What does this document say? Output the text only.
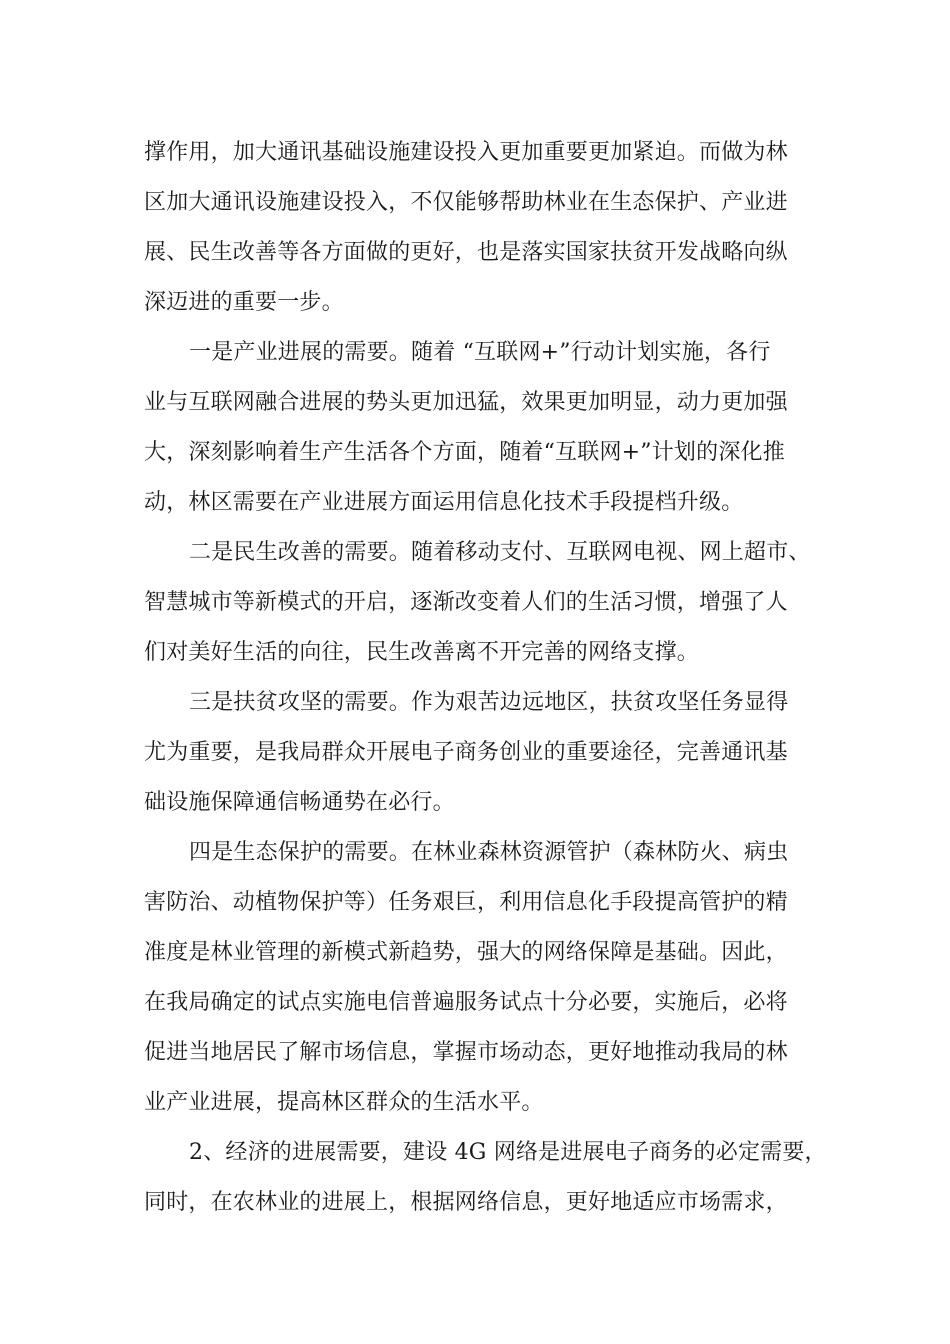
撑作用，加大通讯基础设施建设投入更加重要更加紧迫。而做为林
区加大通讯设施建设投入，不仅能够帮助林业在生态保护、产业进
展、民生改善等各方面做的更好，也是落实国家扶贫开发战略向纵
深迈进的重要一步。
一是产业进展的需要。随着 “互联网+”行动计划实施，各行
业与互联网融合进展的势头更加迅猛，效果更加明显，动力更加强
大，深刻影响着生产生活各个方面，随着“互联网+”计划的深化推
动，林区需要在产业进展方面运用信息化技术手段提档升级。
二是民生改善的需要。随着移动支付、互联网电视、网上超市、
智慧城市等新模式的开启，逐渐改变着人们的生活习惯，增强了人
们对美好生活的向往，民生改善离不开完善的网络支撑。
三是扶贫攻坚的需要。作为艰苦边远地区，扶贫攻坚任务显得
尤为重要，是我局群众开展电子商务创业的重要途径，完善通讯基
础设施保障通信畅通势在必行。
四是生态保护的需要。在林业森林资源管护（森林防火、病虫
害防治、动植物保护等）任务艰巨，利用信息化手段提高管护的精
准度是林业管理的新模式新趋势，强大的网络保障是基础。因此，
在我局确定的试点实施电信普遍服务试点十分必要，实施后，必将
促进当地居民了解市场信息，掌握市场动态，更好地推动我局的林
业产业进展，提高林区群众的生活水平。
2、经济的进展需要，建设 4G 网络是进展电子商务的必定需要，
同时，在农林业的进展上，根据网络信息，更好地适应市场需求，
